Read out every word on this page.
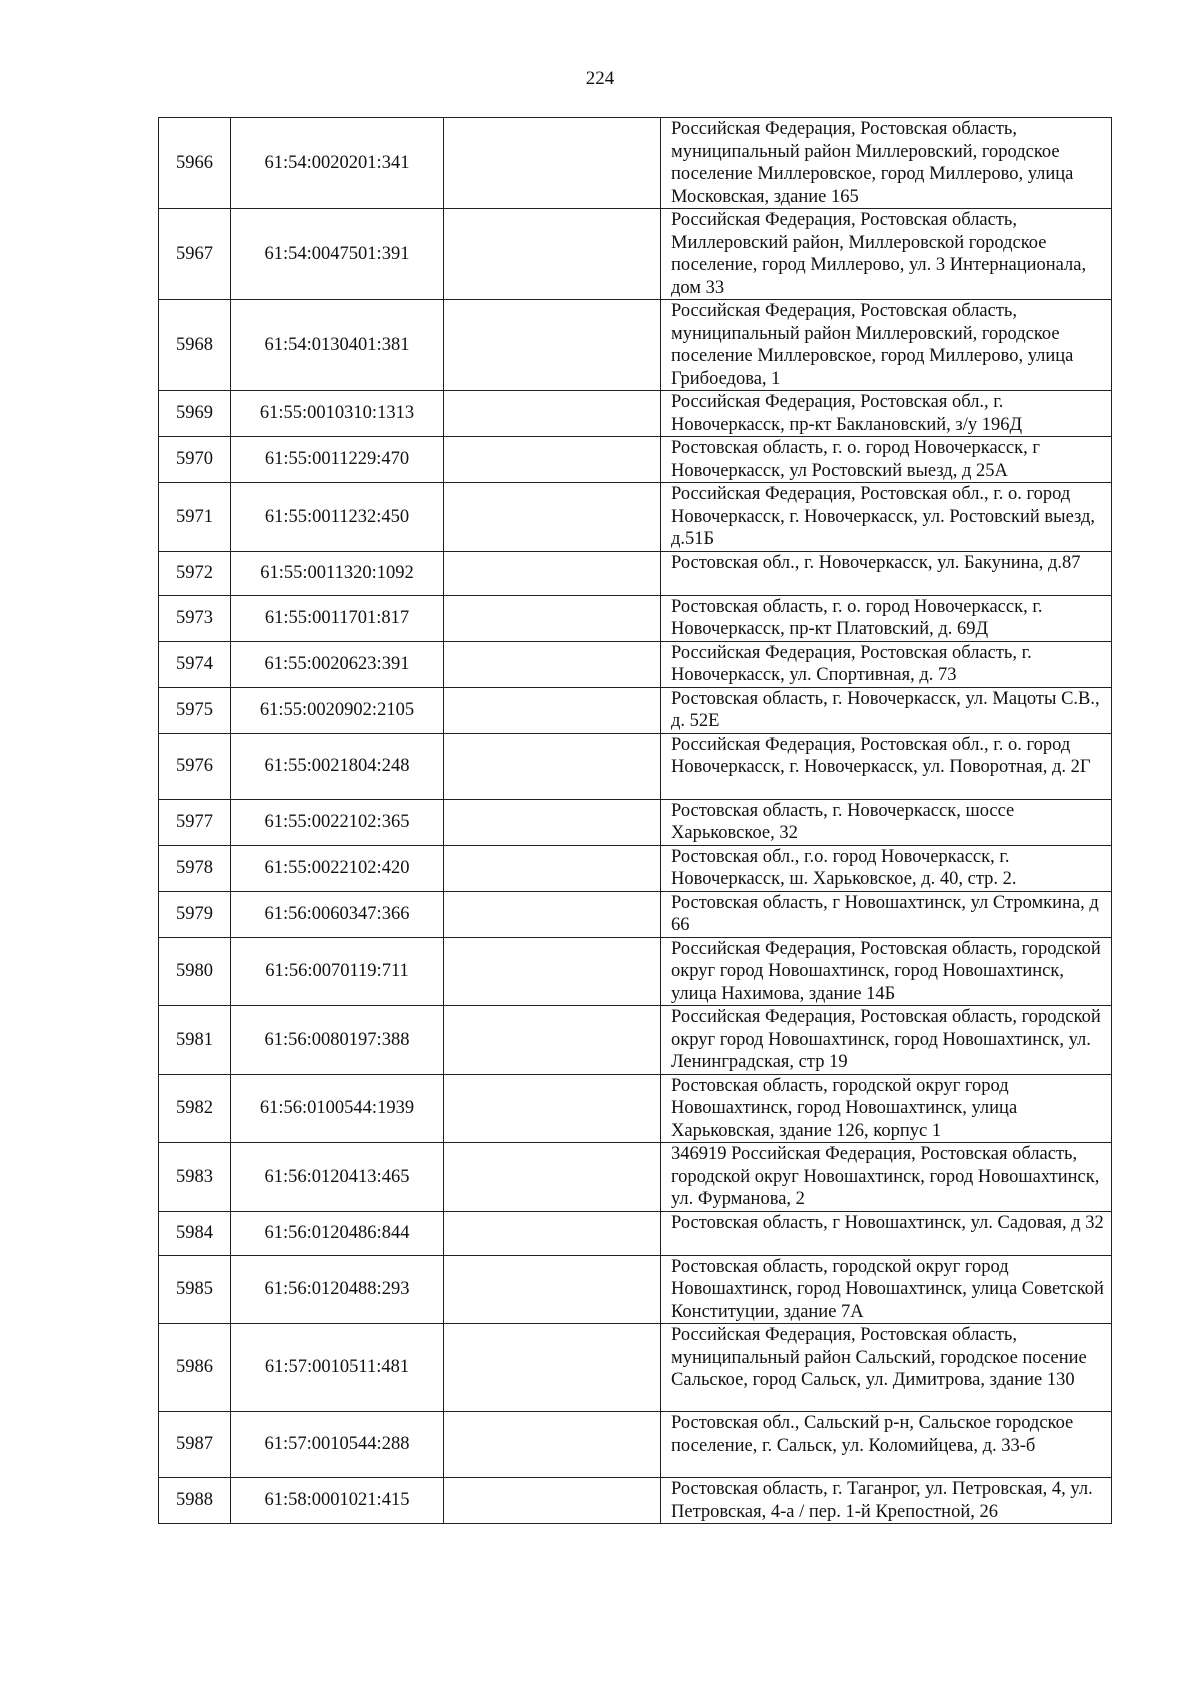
224
5966	61:54:0020201:341		Российская Федерация, Ростовская область, муниципальный район Миллеровский, городское поселение Миллеровское, город Миллерово, улица Московская, здание 165
5967	61:54:0047501:391		Российская Федерация, Ростовская область, Миллеровский район, Миллеровской городское поселение, город Миллерово, ул. 3 Интернационала, дом 33
5968	61:54:0130401:381		Российская Федерация, Ростовская область, муниципальный район Миллеровский, городское поселение Миллеровское, город Миллерово, улица Грибоедова, 1
5969	61:55:0010310:1313		Российская Федерация, Ростовская обл., г. Новочеркасск, пр-кт Баклановский, з/у 196Д
5970	61:55:0011229:470		Ростовская область, г. о. город Новочеркасск, г Новочеркасск, ул Ростовский выезд, д 25А
5971	61:55:0011232:450		Российская Федерация, Ростовская обл., г. о. город Новочеркасск, г. Новочеркасск, ул. Ростовский выезд, д.51Б
5972	61:55:0011320:1092		Ростовская обл., г. Новочеркасск, ул. Бакунина, д.87
5973	61:55:0011701:817		Ростовская область, г. о. город Новочеркасск, г. Новочеркасск, пр-кт Платовский, д. 69Д
5974	61:55:0020623:391		Российская Федерация, Ростовская область, г. Новочеркасск, ул. Спортивная, д. 73
5975	61:55:0020902:2105		Ростовская область, г. Новочеркасск, ул. Мацоты С.В., д. 52Е
5976	61:55:0021804:248		Российская Федерация, Ростовская обл., г. о. город Новочеркасск, г. Новочеркасск, ул. Поворотная, д. 2Г
5977	61:55:0022102:365		Ростовская область, г. Новочеркасск, шоссе Харьковское, 32
5978	61:55:0022102:420		Ростовская обл., г.о. город Новочеркасск, г. Новочеркасск, ш. Харьковское, д. 40, стр. 2.
5979	61:56:0060347:366		Ростовская область, г Новошахтинск, ул Стромкина, д 66
5980	61:56:0070119:711		Российская Федерация, Ростовская область, городской округ город Новошахтинск, город Новошахтинск, улица Нахимова, здание 14Б
5981	61:56:0080197:388		Российская Федерация, Ростовская область, городской округ город Новошахтинск, город Новошахтинск, ул. Ленинградская, стр 19
5982	61:56:0100544:1939		Ростовская область, городской округ город Новошахтинск, город Новошахтинск, улица Харьковская, здание 126, корпус 1
5983	61:56:0120413:465		346919 Российская Федерация, Ростовская область, городской округ Новошахтинск, город Новошахтинск, ул. Фурманова, 2
5984	61:56:0120486:844		Ростовская область, г Новошахтинск, ул. Садовая, д 32
5985	61:56:0120488:293		Ростовская область, городской округ город Новошахтинск, город Новошахтинск, улица Советской Конституции, здание 7А
5986	61:57:0010511:481		Российская Федерация, Ростовская область, муниципальный район Сальский, городское посение Сальское, город Сальск, ул. Димитрова, здание 130
5987	61:57:0010544:288		Ростовская обл., Сальский р-н, Сальское городское поселение, г. Сальск, ул. Коломийцева, д. 33-б
5988	61:58:0001021:415		Ростовская область, г. Таганрог, ул. Петровская, 4, ул. Петровская, 4-а / пер. 1-й Крепостной, 26
